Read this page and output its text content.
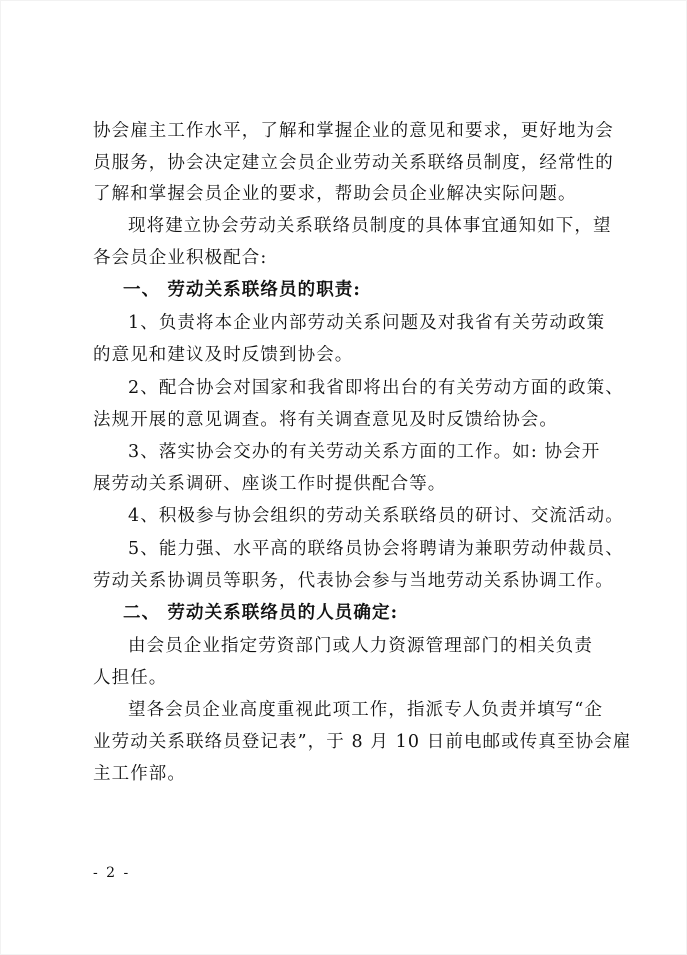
协会雇主工作水平，了解和掌握企业的意见和要求，更好地为会
员服务，协会决定建立会员企业劳动关系联络员制度，经常性的
了解和掌握会员企业的要求，帮助会员企业解决实际问题。
现将建立协会劳动关系联络员制度的具体事宜通知如下，望
各会员企业积极配合:
一、 劳动关系联络员的职责:
1、负责将本企业内部劳动关系问题及对我省有关劳动政策
的意见和建议及时反馈到协会。
2、配合协会对国家和我省即将出台的有关劳动方面的政策、
法规开展的意见调查。将有关调查意见及时反馈给协会。
3、落实协会交办的有关劳动关系方面的工作。如: 协会开
展劳动关系调研、座谈工作时提供配合等。
4、积极参与协会组织的劳动关系联络员的研讨、交流活动。
5、能力强、水平高的联络员协会将聘请为兼职劳动仲裁员、
劳动关系协调员等职务，代表协会参与当地劳动关系协调工作。
二、 劳动关系联络员的人员确定:
由会员企业指定劳资部门或人力资源管理部门的相关负责
人担任。
望各会员企业高度重视此项工作，指派专人负责并填写“企
业劳动关系联络员登记表”，于 8 月 10 日前电邮或传真至协会雇
主工作部。
- 2 -
